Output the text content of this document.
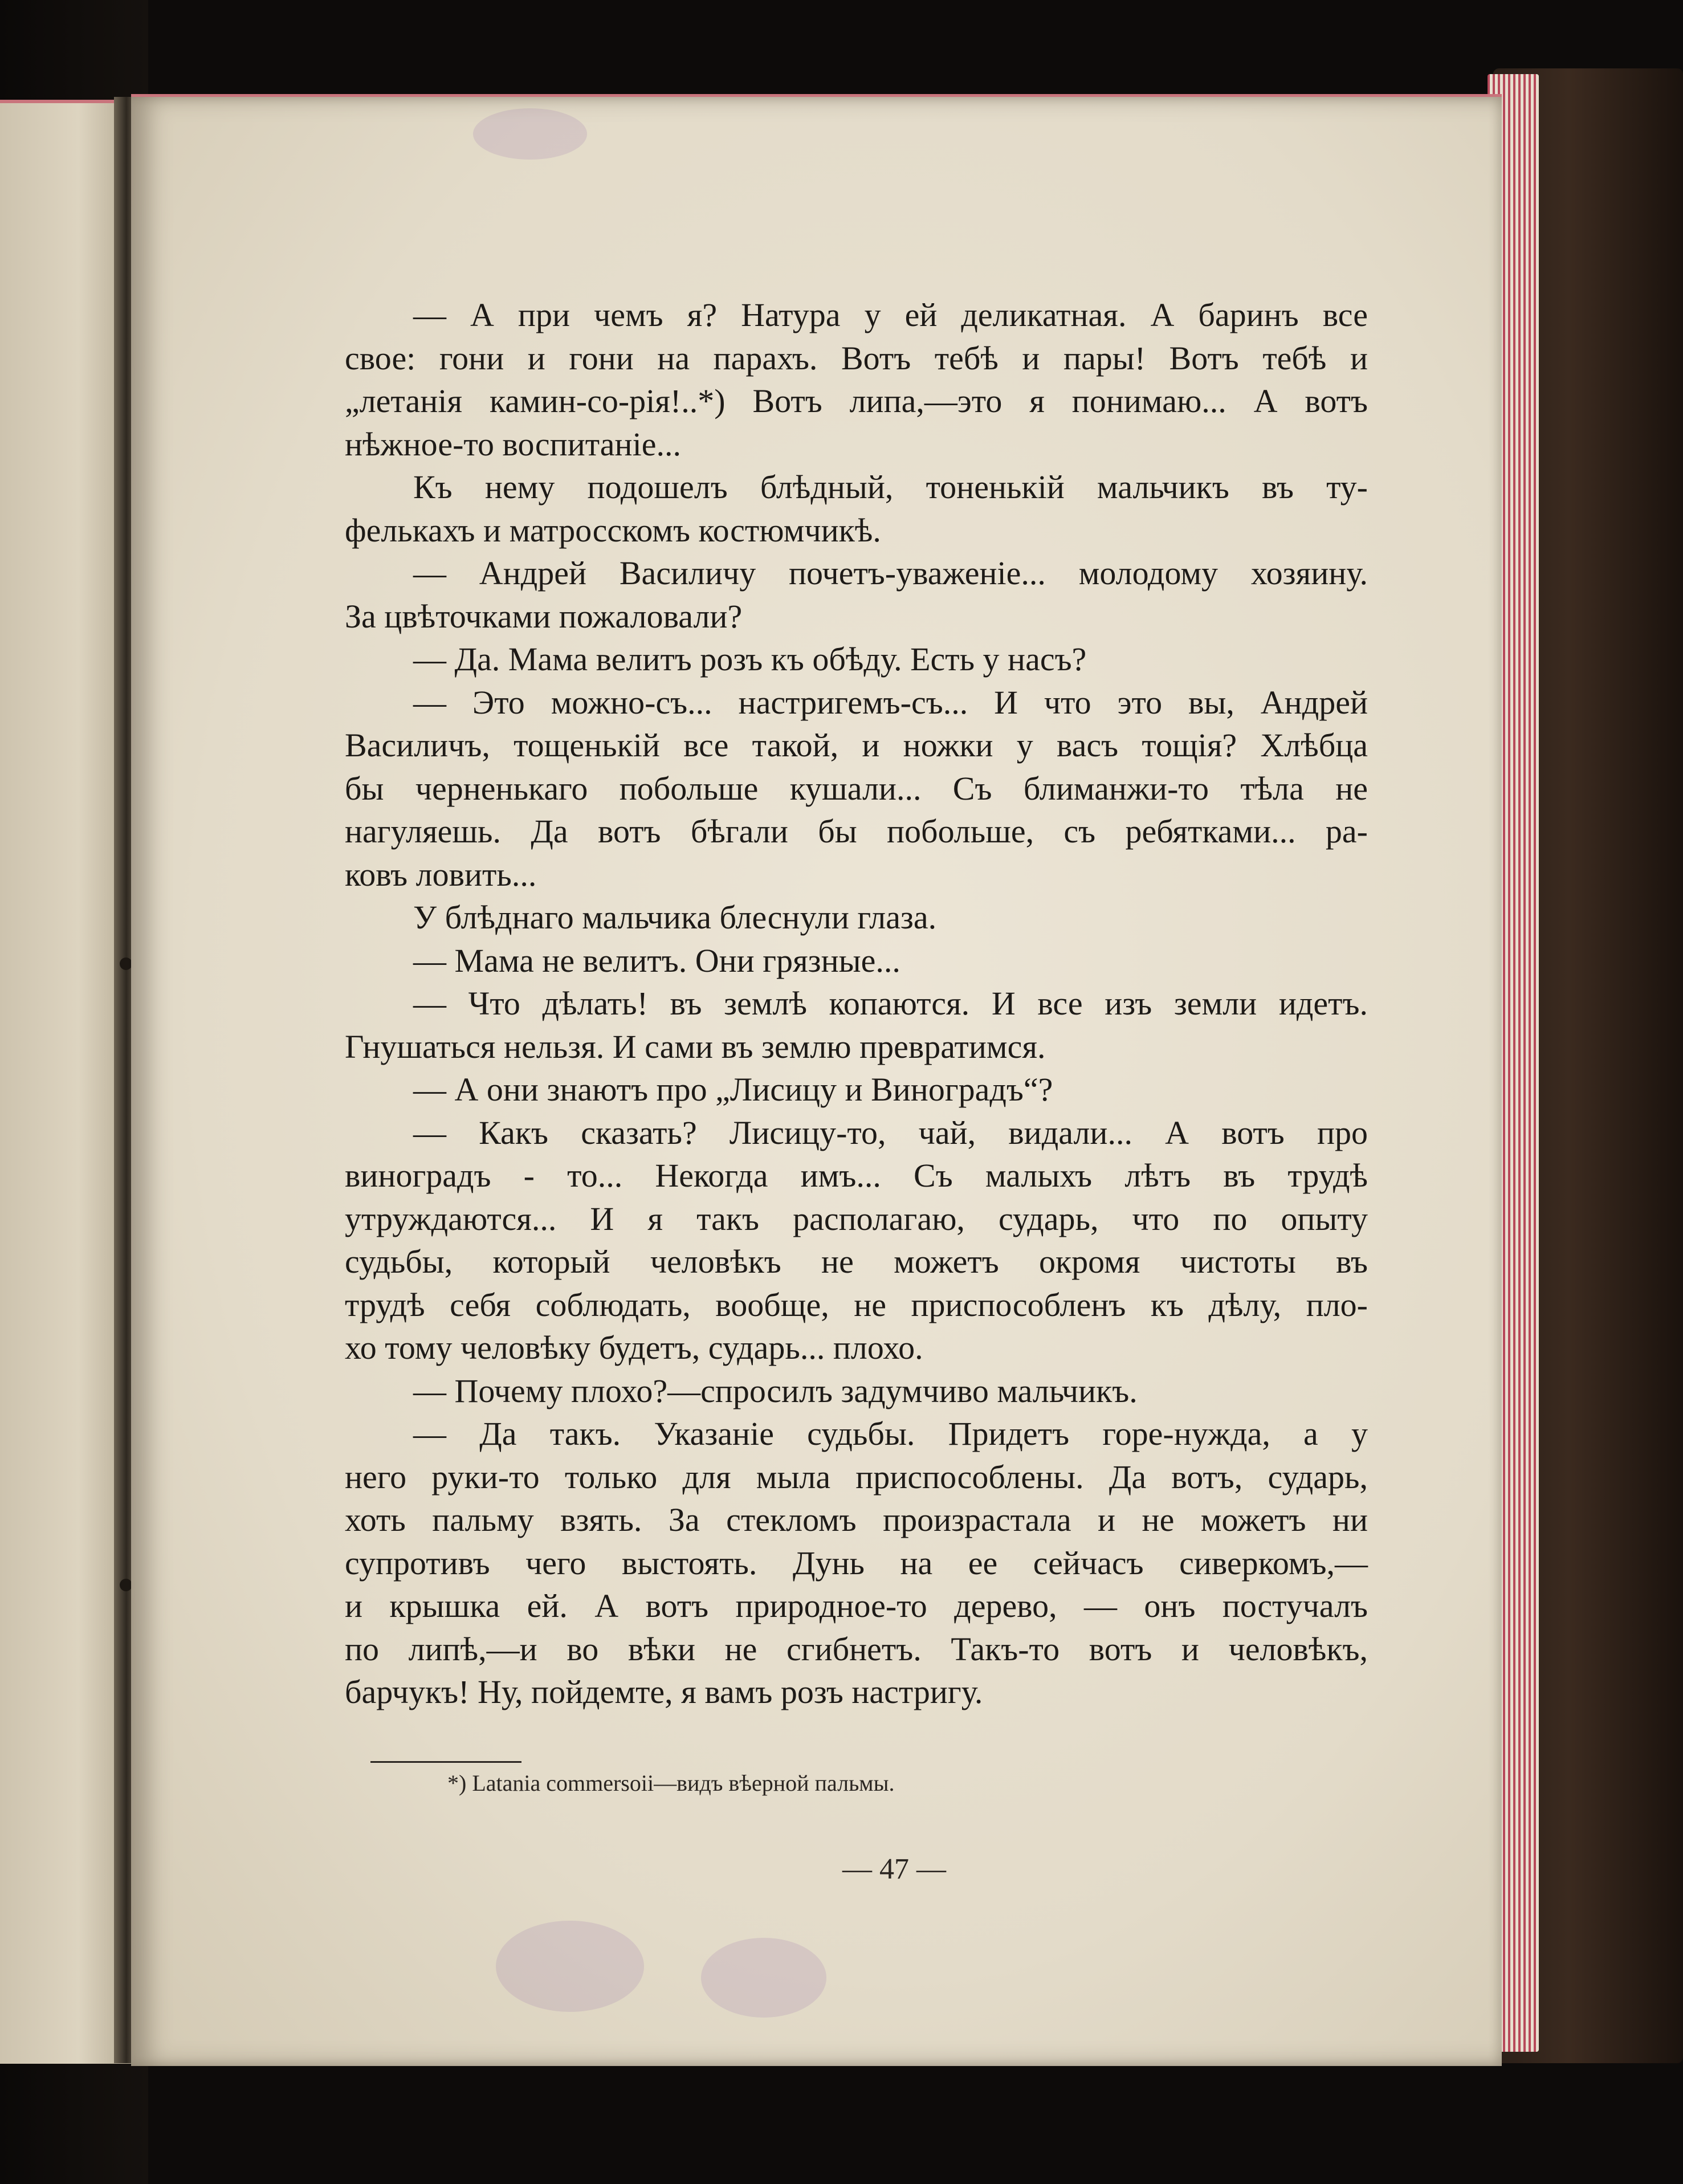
— А при чемъ я? Натура у ей деликатная. А баринъ все
свое: гони и гони на парахъ. Вотъ тебѣ и пары! Вотъ тебѣ и
„летанія камин-со-рія!..*) Вотъ липа,—это я понимаю... А вотъ
нѣжное-то воспитаніе...
Къ нему подошелъ блѣдный, тоненькій мальчикъ въ ту-
фелькахъ и матросскомъ костюмчикѣ.
— Андрей Василичу почетъ-уваженіе... молодому хозяину.
За цвѣточками пожаловали?
— Да. Мама велитъ розъ къ обѣду. Есть у насъ?
— Это можно-съ... настригемъ-съ... И что это вы, Андрей
Василичъ, тощенькій все такой, и ножки у васъ тощія? Хлѣбца
бы черненькаго побольше кушали... Съ блиманжи-то тѣла не
нагуляешь. Да вотъ бѣгали бы побольше, съ ребятками... ра-
ковъ ловить...
У блѣднаго мальчика блеснули глаза.
— Мама не велитъ. Они грязные...
— Что дѣлать! въ землѣ копаются. И все изъ земли идетъ.
Гнушаться нельзя. И сами въ землю превратимся.
— А они знаютъ про „Лисицу и Виноградъ“?
— Какъ сказать? Лисицу-то, чай, видали... А вотъ про
виноградъ - то... Некогда имъ... Съ малыхъ лѣтъ въ трудѣ
утруждаются... И я такъ располагаю, сударь, что по опыту
судьбы, который человѣкъ не можетъ окромя чистоты въ
трудѣ себя соблюдать, вообще, не приспособленъ къ дѣлу, пло-
хо тому человѣку будетъ, сударь... плохо.
— Почему плохо?—спросилъ задумчиво мальчикъ.
— Да такъ. Указаніе судьбы. Придетъ горе-нужда, а у
него руки-то только для мыла приспособлены. Да вотъ, сударь,
хоть пальму взять. За стекломъ произрастала и не можетъ ни
супротивъ чего выстоять. Дунь на ее сейчасъ сиверкомъ,—
и крышка ей. А вотъ природное-то дерево, — онъ постучалъ
по липѣ,—и во вѣки не сгибнетъ. Такъ-то вотъ и человѣкъ,
барчукъ! Ну, пойдемте, я вамъ розъ настригу.
*) Latania commersoii—видъ вѣерной пальмы.
— 47 —
